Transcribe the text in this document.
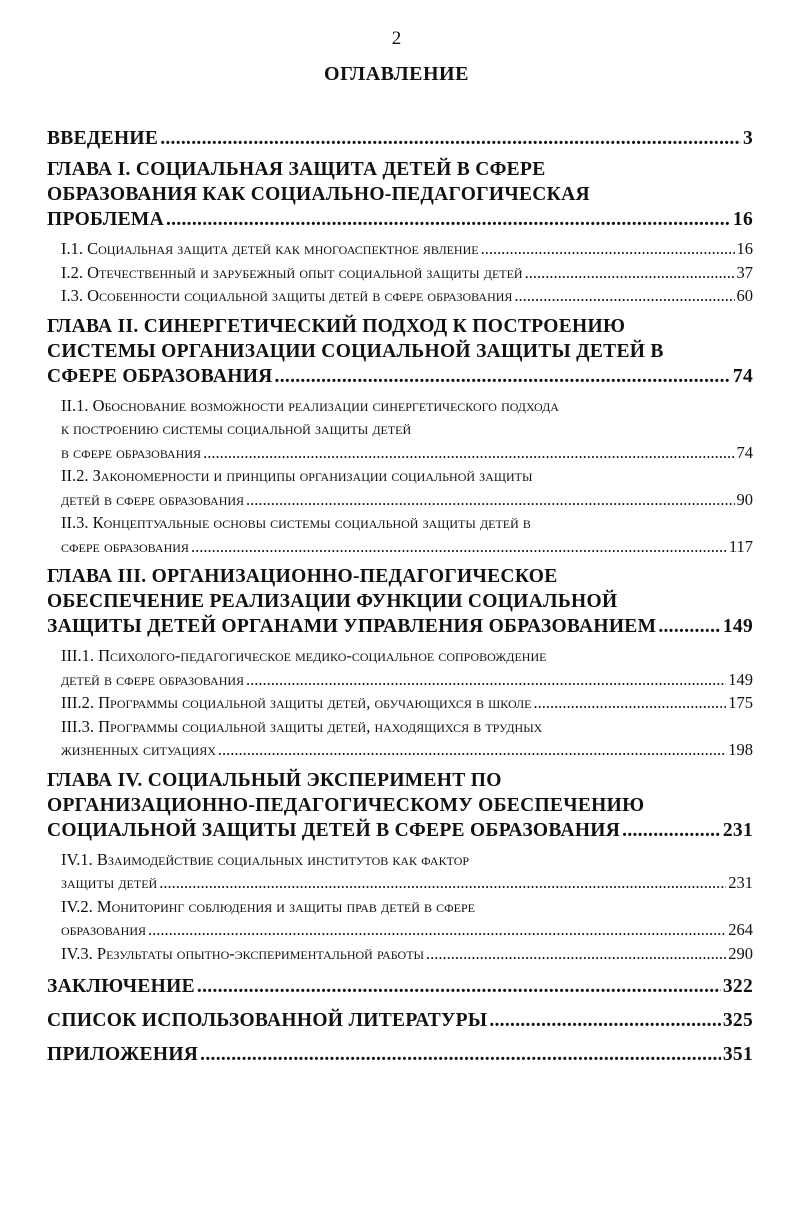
2
ОГЛАВЛЕНИЕ
ВВЕДЕНИЕ .....	3
ГЛАВА I. СОЦИАЛЬНАЯ ЗАЩИТА ДЕТЕЙ В СФЕРЕ
ОБРАЗОВАНИЯ КАК СОЦИАЛЬНО-ПЕДАГОГИЧЕСКАЯ
ПРОБЛЕМА .....	16
I.1. Социальная защита детей как многоаспектное явление .....	16
I.2. Отечественный и зарубежный опыт социальной защиты детей .....	37
I.3. Особенности социальной защиты детей в сфере образования .....	60
ГЛАВА II. СИНЕРГЕТИЧЕСКИЙ ПОДХОД К ПОСТРОЕНИЮ
СИСТЕМЫ ОРГАНИЗАЦИИ СОЦИАЛЬНОЙ ЗАЩИТЫ ДЕТЕЙ В
СФЕРЕ ОБРАЗОВАНИЯ .....	74
II.1. Обоснование возможности реализации синергетического подхода
к построению системы социальной защиты детей
в сфере образования .....	74
II.2. Закономерности и принципы организации социальной защиты
детей в сфере образования .....	90
II.3. Концептуальные основы системы социальной защиты детей в
сфере образования .....	117
ГЛАВА III. ОРГАНИЗАЦИОННО-ПЕДАГОГИЧЕСКОЕ
ОБЕСПЕЧЕНИЕ РЕАЛИЗАЦИИ ФУНКЦИИ СОЦИАЛЬНОЙ
ЗАЩИТЫ ДЕТЕЙ ОРГАНАМИ УПРАВЛЕНИЯ ОБРАЗОВАНИЕМ .....	149
III.1. Психолого-педагогическое медико-социальное сопровождение
детей в сфере образования .....	149
III.2. Программы социальной защиты детей, обучающихся в школе .....	175
III.3. Программы социальной защиты детей, находящихся в трудных
жизненных ситуациях .....	198
ГЛАВА IV. СОЦИАЛЬНЫЙ ЭКСПЕРИМЕНТ ПО
ОРГАНИЗАЦИОННО-ПЕДАГОГИЧЕСКОМУ ОБЕСПЕЧЕНИЮ
СОЦИАЛЬНОЙ ЗАЩИТЫ ДЕТЕЙ В СФЕРЕ ОБРАЗОВАНИЯ .....	231
IV.1. Взаимодействие социальных институтов как фактор
защиты детей .....	231
IV.2. Мониторинг соблюдения и защиты прав детей в сфере
образования .....	264
IV.3. Результаты опытно-экспериментальной работы .....	290
ЗАКЛЮЧЕНИЕ .....	322
СПИСОК ИСПОЛЬЗОВАННОЙ ЛИТЕРАТУРЫ .....	325
ПРИЛОЖЕНИЯ .....	351
